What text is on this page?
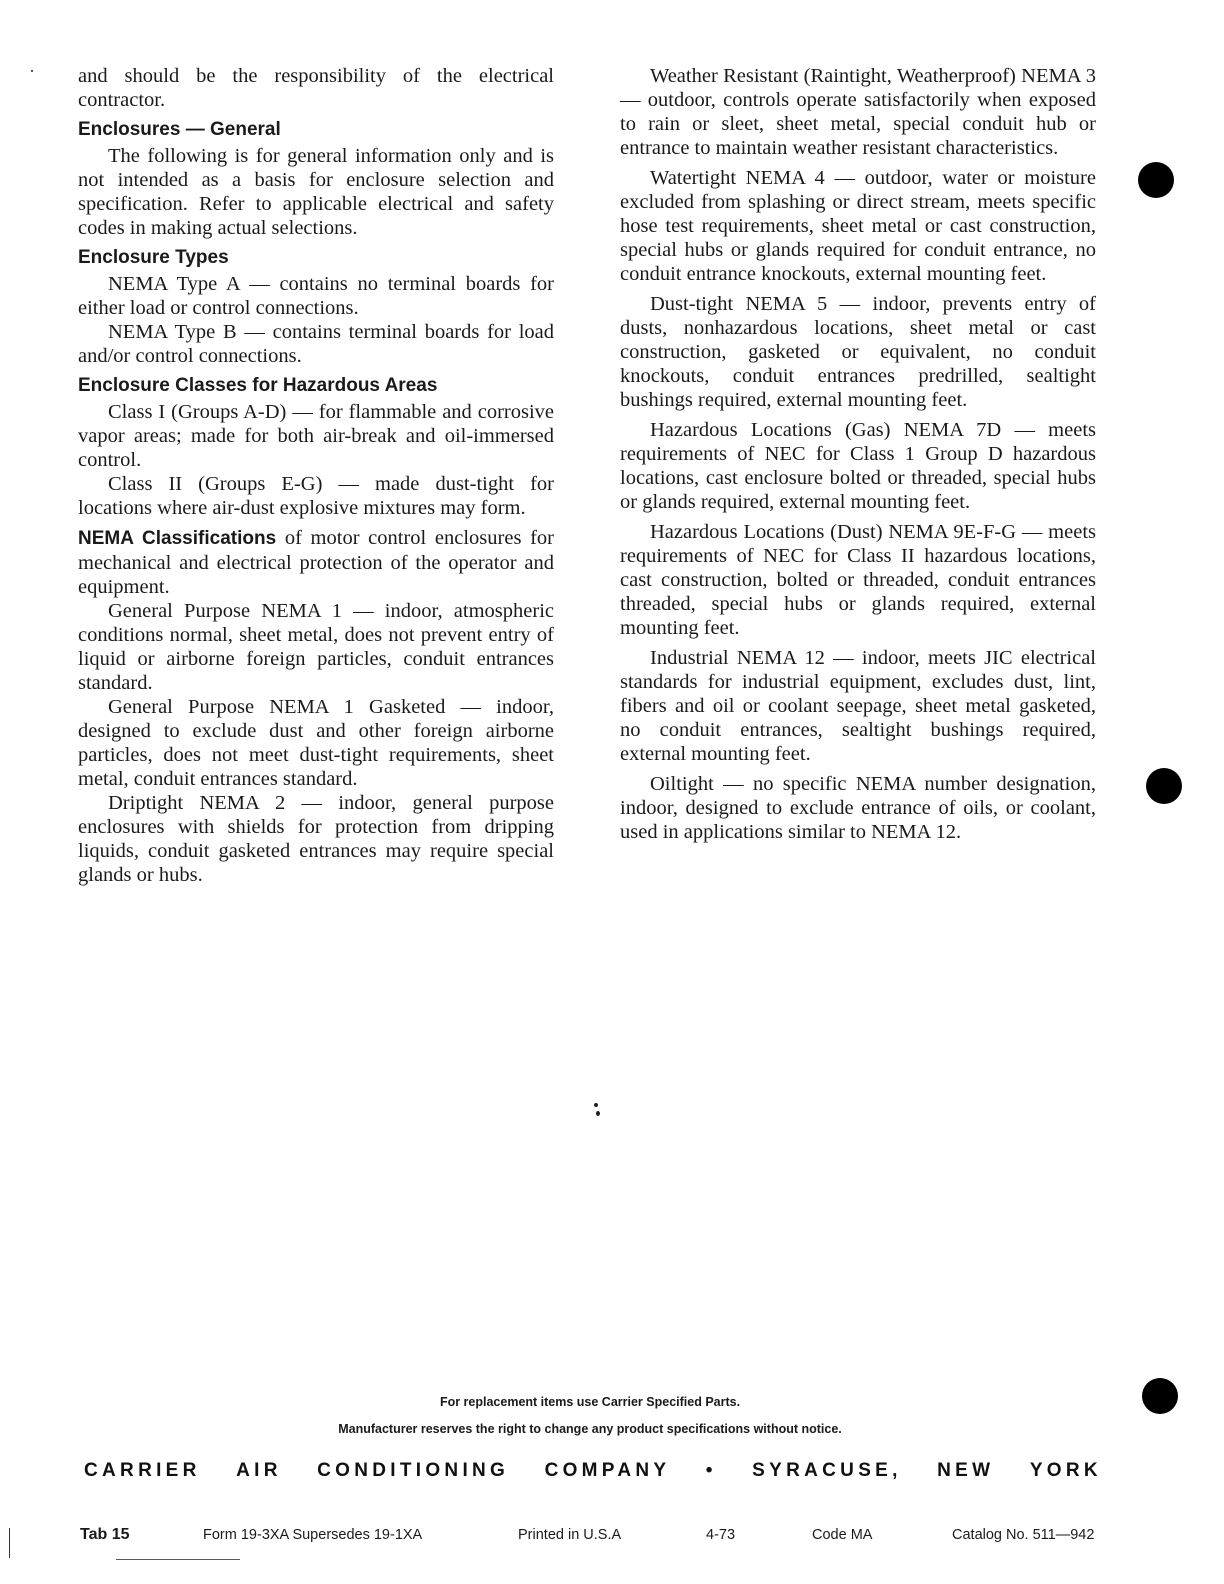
and should be the responsibility of the electrical contractor.

Enclosures — General

The following is for general information only and is not intended as a basis for enclosure selection and specification. Refer to applicable electrical and safety codes in making actual selections.

Enclosure Types

NEMA Type A — contains no terminal boards for either load or control connections.

NEMA Type B — contains terminal boards for load and/or control connections.

Enclosure Classes for Hazardous Areas

Class I (Groups A-D) — for flammable and corrosive vapor areas; made for both air-break and oil-immersed control.

Class II (Groups E-G) — made dust-tight for locations where air-dust explosive mixtures may form.

NEMA Classifications of motor control enclosures for mechanical and electrical protection of the operator and equipment.

General Purpose NEMA 1 — indoor, atmospheric conditions normal, sheet metal, does not prevent entry of liquid or airborne foreign particles, conduit entrances standard.

General Purpose NEMA 1 Gasketed — indoor, designed to exclude dust and other foreign airborne particles, does not meet dust-tight requirements, sheet metal, conduit entrances standard.

Driptight NEMA 2 — indoor, general purpose enclosures with shields for protection from dripping liquids, conduit gasketed entrances may require special glands or hubs.

Weather Resistant (Raintight, Weatherproof) NEMA 3 — outdoor, controls operate satisfactorily when exposed to rain or sleet, sheet metal, special conduit hub or entrance to maintain weather resistant characteristics.

Watertight NEMA 4 — outdoor, water or moisture excluded from splashing or direct stream, meets specific hose test requirements, sheet metal or cast construction, special hubs or glands required for conduit entrance, no conduit entrance knockouts, external mounting feet.

Dust-tight NEMA 5 — indoor, prevents entry of dusts, nonhazardous locations, sheet metal or cast construction, gasketed or equivalent, no conduit knockouts, conduit entrances predrilled, sealtight bushings required, external mounting feet.

Hazardous Locations (Gas) NEMA 7D — meets requirements of NEC for Class 1 Group D hazardous locations, cast enclosure bolted or threaded, special hubs or glands required, external mounting feet.

Hazardous Locations (Dust) NEMA 9E-F-G — meets requirements of NEC for Class II hazardous locations, cast construction, bolted or threaded, conduit entrances threaded, special hubs or glands required, external mounting feet.

Industrial NEMA 12 — indoor, meets JIC electrical standards for industrial equipment, excludes dust, lint, fibers and oil or coolant seepage, sheet metal gasketed, no conduit entrances, sealtight bushings required, external mounting feet.

Oiltight — no specific NEMA number designation, indoor, designed to exclude entrance of oils, or coolant, used in applications similar to NEMA 12.

For replacement items use Carrier Specified Parts.
Manufacturer reserves the right to change any product specifications without notice.
CARRIER AIR CONDITIONING COMPANY • SYRACUSE, NEW YORK
Tab 15	Form 19-3XA Supersedes 19-1XA	Printed in U.S.A	4-73	Code MA	Catalog No. 511—942
